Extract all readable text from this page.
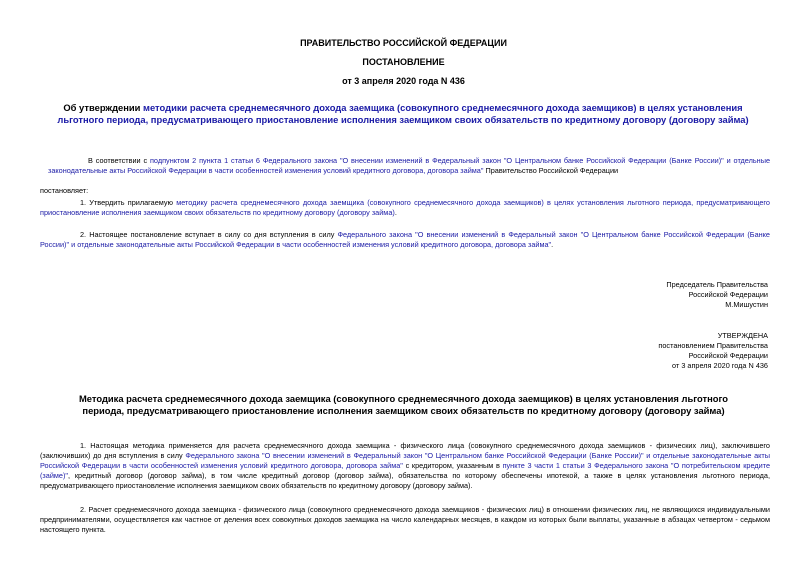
ПРАВИТЕЛЬСТВО РОССИЙСКОЙ ФЕДЕРАЦИИ
ПОСТАНОВЛЕНИЕ
от 3 апреля 2020 года N 436
Об утверждении методики расчета среднемесячного дохода заемщика (совокупного среднемесячного дохода заемщиков) в целях установления льготного периода, предусматривающего приостановление исполнения заемщиком своих обязательств по кредитному договору (договору займа)
В соответствии с подпунктом 2 пункта 1 статьи 6 Федерального закона "О внесении изменений в Федеральный закон "О Центральном банке Российской Федерации (Банке России)" и отдельные законодательные акты Российской Федерации в части особенностей изменения условий кредитного договора, договора займа" Правительство Российской Федерации
постановляет:
1. Утвердить прилагаемую методику расчета среднемесячного дохода заемщика (совокупного среднемесячного дохода заемщиков) в целях установления льготного периода, предусматривающего приостановление исполнения заемщиком своих обязательств по кредитному договору (договору займа).
2. Настоящее постановление вступает в силу со дня вступления в силу Федерального закона "О внесении изменений в Федеральный закон "О Центральном банке Российской Федерации (Банке России)" и отдельные законодательные акты Российской Федерации в части особенностей изменения условий кредитного договора, договора займа".
Председатель Правительства
Российской Федерации
М.Мишустин
УТВЕРЖДЕНА
постановлением Правительства
Российской Федерации
от 3 апреля 2020 года N 436
Методика расчета среднемесячного дохода заемщика (совокупного среднемесячного дохода заемщиков) в целях установления льготного периода, предусматривающего приостановление исполнения заемщиком своих обязательств по кредитному договору (договору займа)
1. Настоящая методика применяется для расчета среднемесячного дохода заемщика - физического лица (совокупного среднемесячного дохода заемщиков - физических лиц), заключившего (заключивших) до дня вступления в силу Федерального закона "О внесении изменений в Федеральный закон "О Центральном банке Российской Федерации (Банке России)" и отдельные законодательные акты Российской Федерации в части особенностей изменения условий кредитного договора, договора займа" с кредитором, указанным в пункте 3 части 1 статьи 3 Федерального закона "О потребительском кредите (займе)", кредитный договор (договор займа), в том числе кредитный договор (договор займа), обязательства по которому обеспечены ипотекой, а также в целях установления льготного периода, предусматривающего приостановление исполнения заемщиком своих обязательств по кредитному договору (договору займа).
2. Расчет среднемесячного дохода заемщика - физического лица (совокупного среднемесячного дохода заемщиков - физических лиц) в отношении физических лиц, не являющихся индивидуальными предпринимателями, осуществляется как частное от деления всех совокупных доходов заемщика на число календарных месяцев, в каждом из которых были выплаты, указанные в абзацах четвертом - седьмом настоящего пункта.
